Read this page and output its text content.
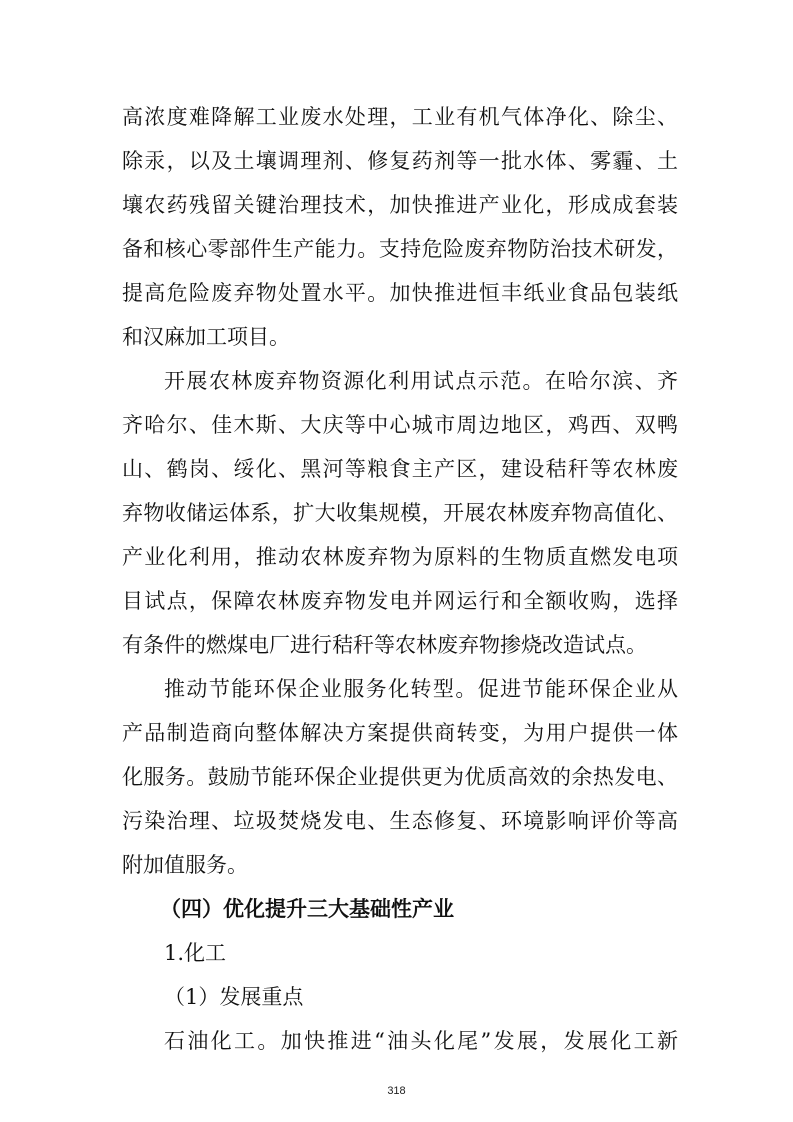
高浓度难降解工业废水处理，工业有机气体净化、除尘、
除汞，以及土壤调理剂、修复药剂等一批水体、雾霾、土
壤农药残留关键治理技术，加快推进产业化，形成成套装
备和核心零部件生产能力。支持危险废弃物防治技术研发，
提高危险废弃物处置水平。加快推进恒丰纸业食品包装纸
和汉麻加工项目。
开展农林废弃物资源化利用试点示范。在哈尔滨、齐
齐哈尔、佳木斯、大庆等中心城市周边地区，鸡西、双鸭
山、鹤岗、绥化、黑河等粮食主产区，建设秸秆等农林废
弃物收储运体系，扩大收集规模，开展农林废弃物高值化、
产业化利用，推动农林废弃物为原料的生物质直燃发电项
目试点，保障农林废弃物发电并网运行和全额收购，选择
有条件的燃煤电厂进行秸秆等农林废弃物掺烧改造试点。
推动节能环保企业服务化转型。促进节能环保企业从
产品制造商向整体解决方案提供商转变，为用户提供一体
化服务。鼓励节能环保企业提供更为优质高效的余热发电、
污染治理、垃圾焚烧发电、生态修复、环境影响评价等高
附加值服务。
（四）优化提升三大基础性产业
1.化工
（1）发展重点
石油化工。加快推进“油头化尾”发展，发展化工新
318
